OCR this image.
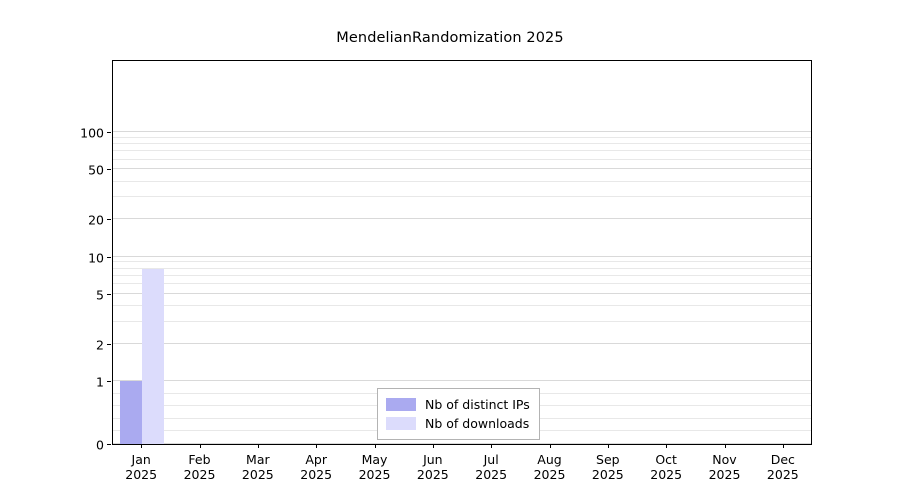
MendelianRandomization 2025
0
1
2
5
10
20
50
100
Jan
2025
Feb
2025
Mar
2025
Apr
2025
May
2025
Jun
2025
Jul
2025
Aug
2025
Sep
2025
Oct
2025
Nov
2025
Dec
2025
Nb of distinct IPs
Nb of downloads
